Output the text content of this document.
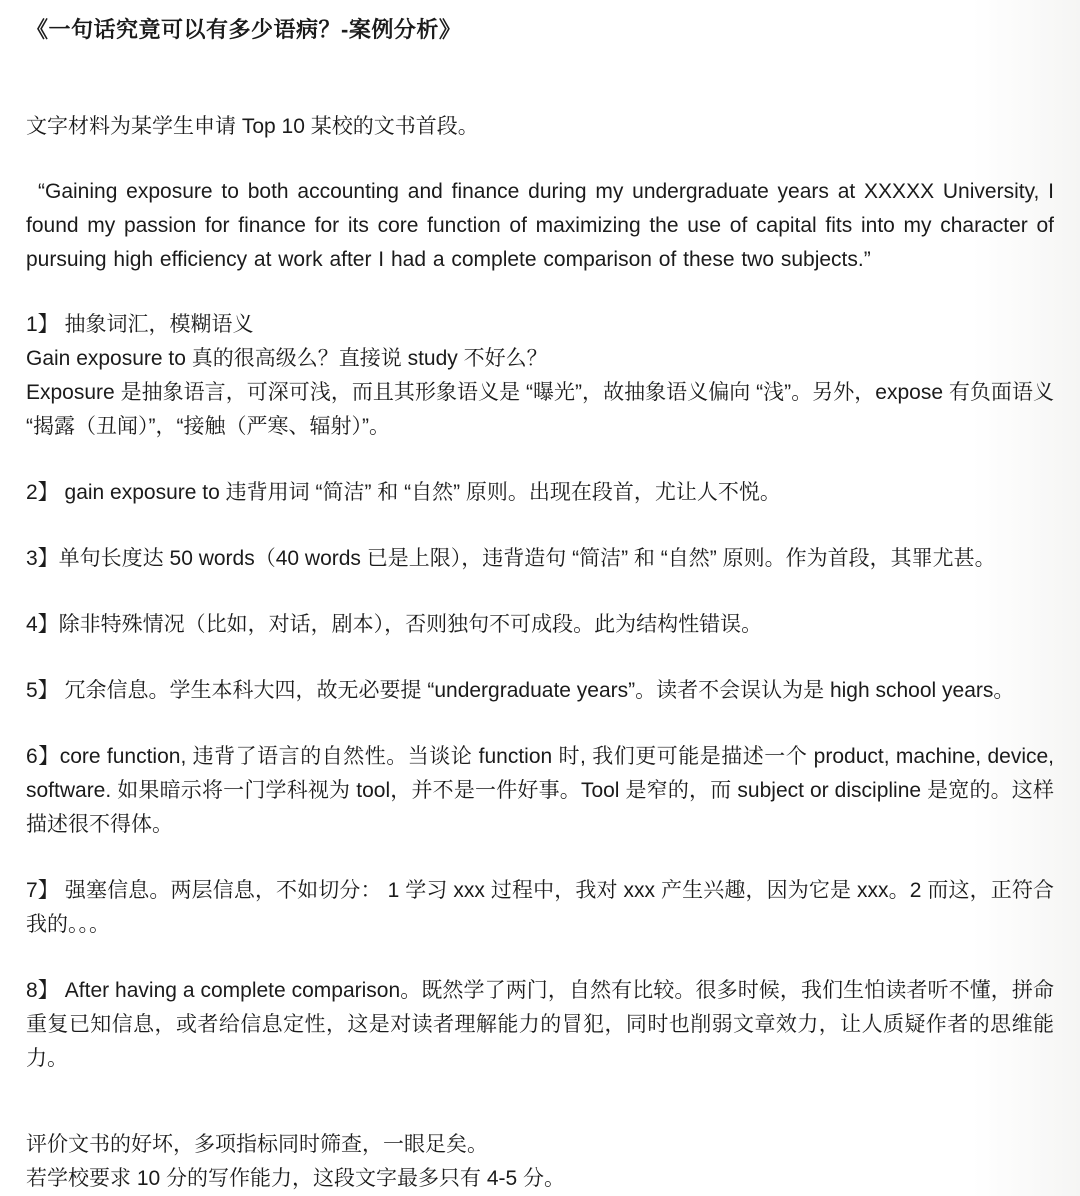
《一句话究竟可以有多少语病？-案例分析》

文字材料为某学生申请 Top 10 某校的文书首段。

“Gaining exposure to both accounting and finance during my undergraduate years at XXXXX University, I found my passion for finance for its core function of maximizing the use of capital fits into my character of pursuing high efficiency at work after I had a complete comparison of these two subjects.”

1】 抽象词汇，模糊语义

Gain exposure to 真的很高级么？直接说 study 不好么？

Exposure 是抽象语言，可深可浅，而且其形象语义是 “曝光”，故抽象语义偏向 “浅”。另外，expose 有负面语义 “揭露（丑闻）”，“接触（严寒、辐射）”。

2】 gain exposure to 违背用词 “简洁” 和 “自然” 原则。出现在段首，尤让人不悦。

3】单句长度达 50 words（40 words 已是上限），违背造句 “简洁” 和 “自然” 原则。作为首段，其罪尤甚。

4】除非特殊情况（比如，对话，剧本），否则独句不可成段。此为结构性错误。

5】 冗余信息。学生本科大四，故无必要提 “undergraduate years”。读者不会误认为是 high school years。

6】core function, 违背了语言的自然性。当谈论 function 时, 我们更可能是描述一个 product, machine, device, software. 如果暗示将一门学科视为 tool，并不是一件好事。Tool 是窄的，而 subject or discipline 是宽的。这样描述很不得体。

7】 强塞信息。两层信息，不如切分： 1 学习 xxx 过程中，我对 xxx 产生兴趣，因为它是 xxx。2 而这，正符合我的。。。

8】 After having a complete comparison。既然学了两门，自然有比较。很多时候，我们生怕读者听不懂，拼命重复已知信息，或者给信息定性，这是对读者理解能力的冒犯，同时也削弱文章效力，让人质疑作者的思维能力。

评价文书的好坏，多项指标同时筛查，一眼足矣。

若学校要求 10 分的写作能力，这段文字最多只有 4-5 分。
